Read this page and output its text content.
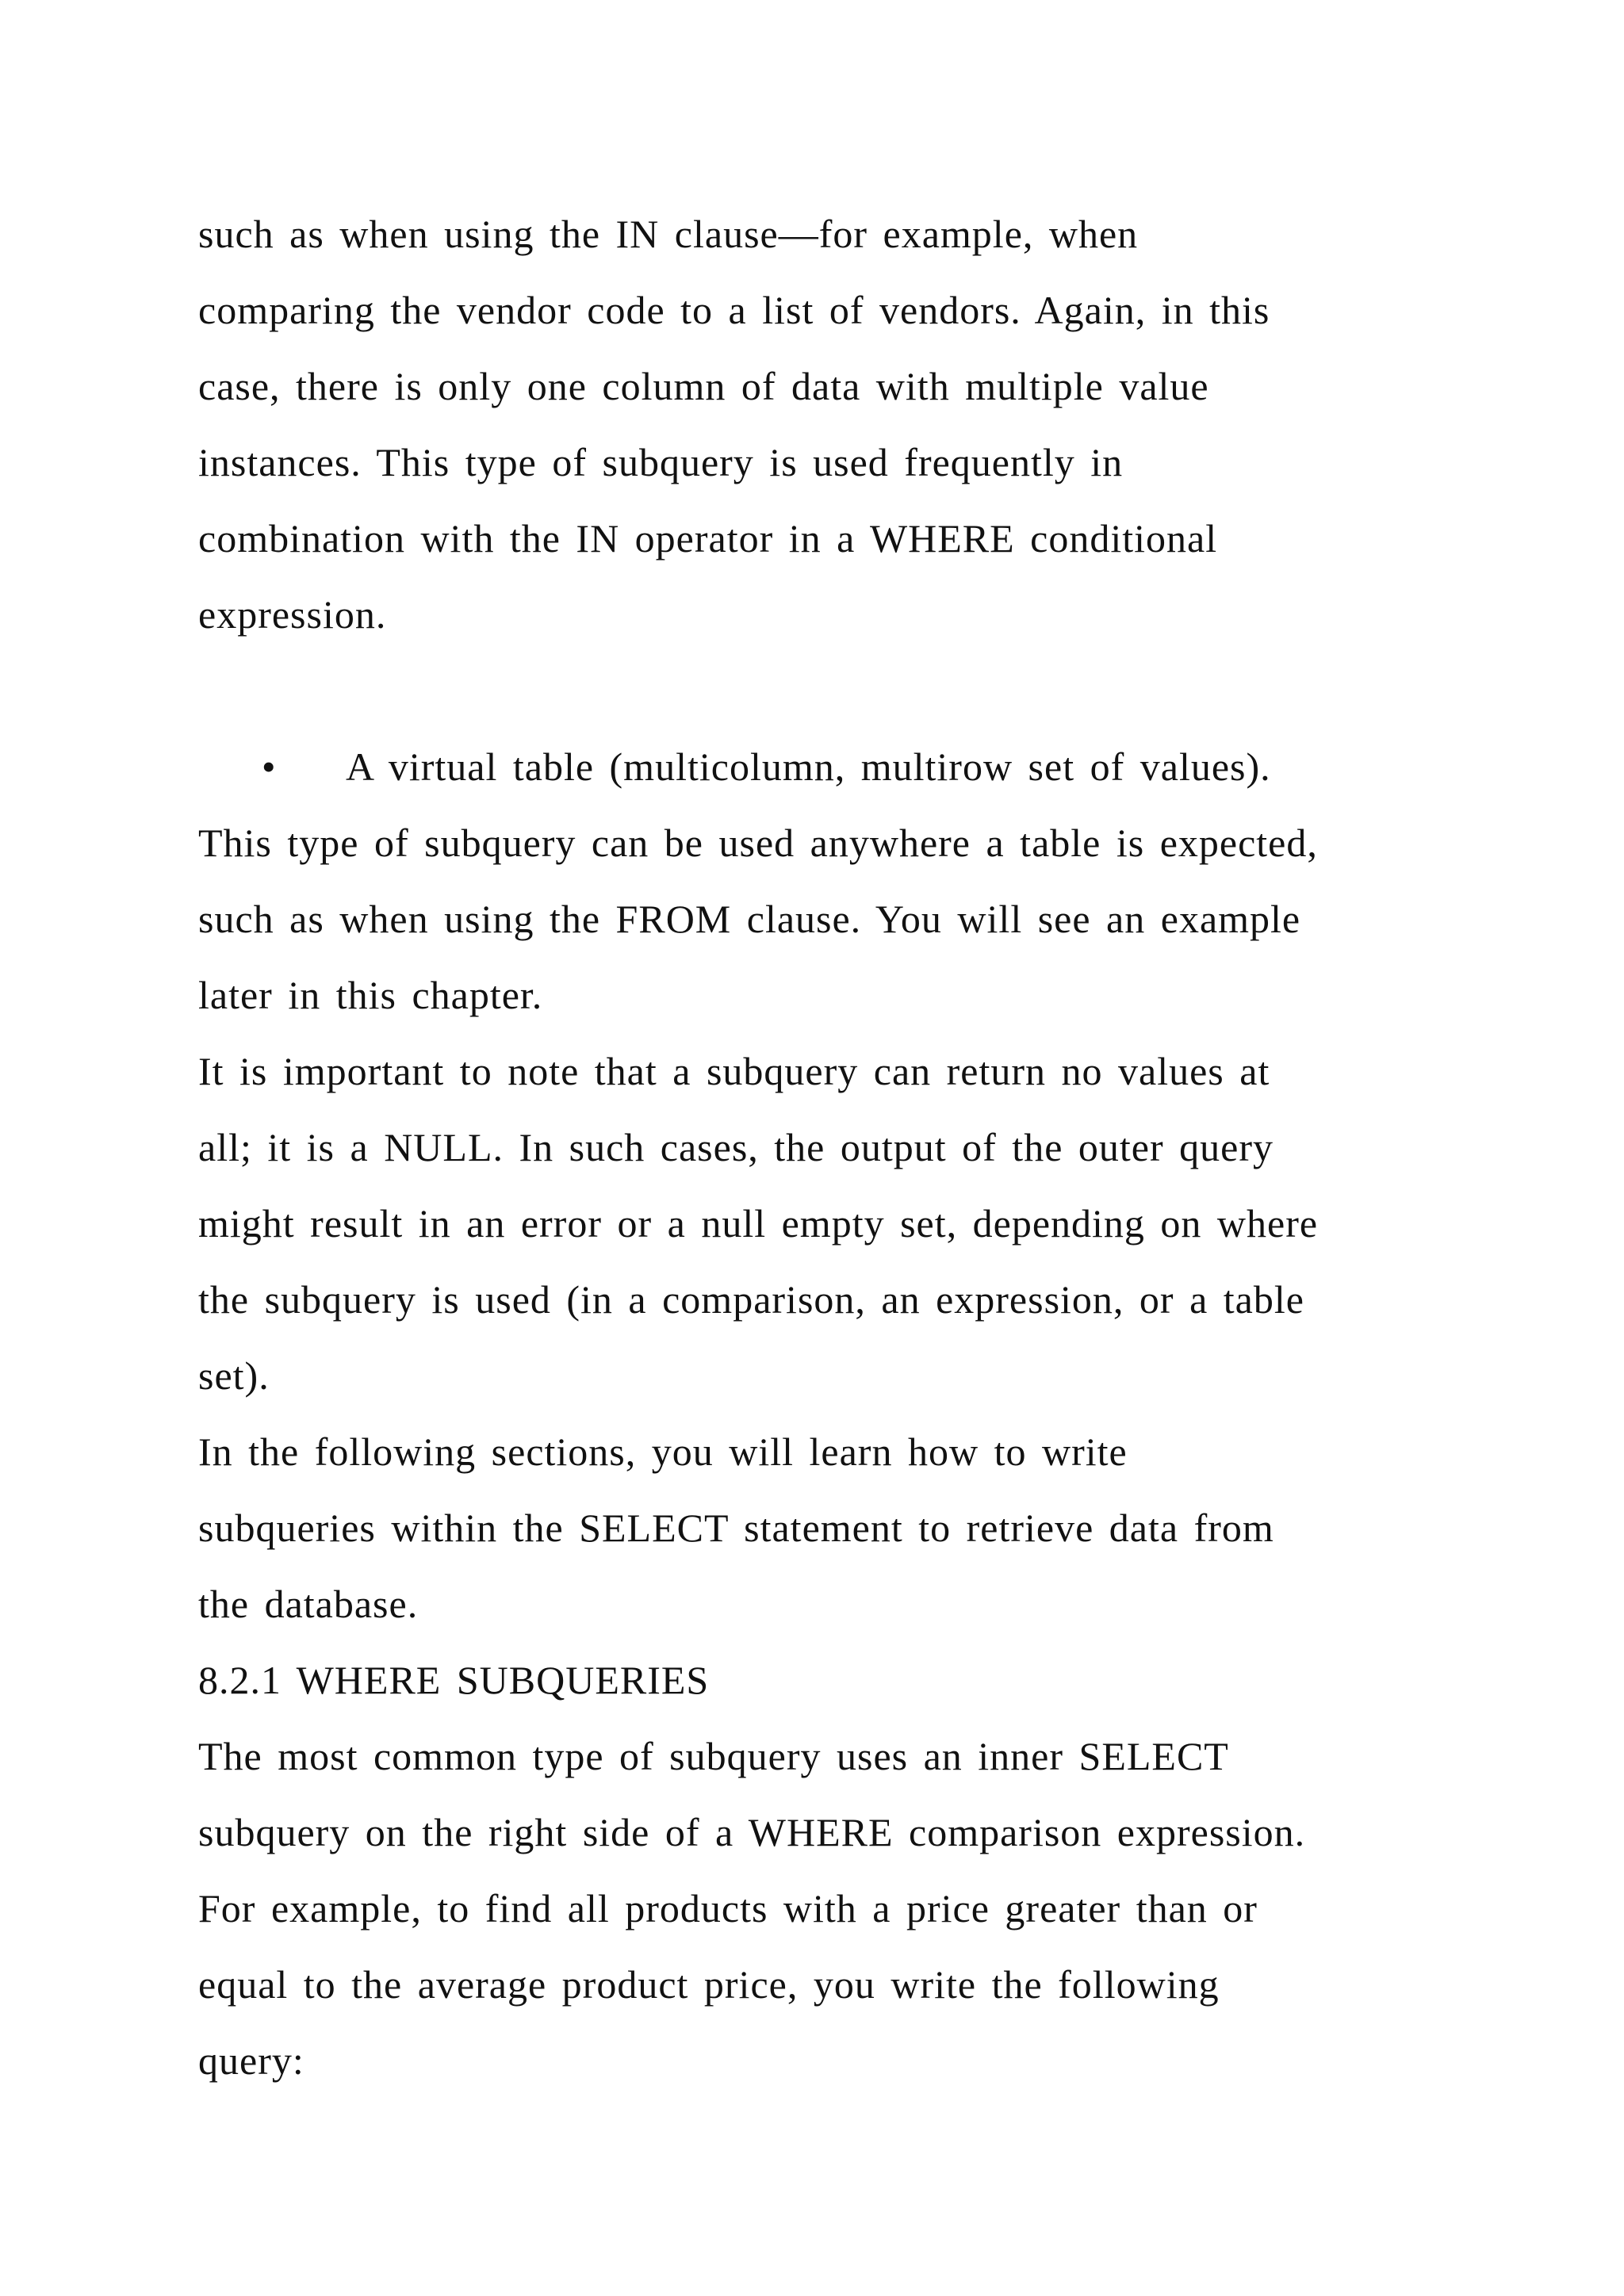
such as when using the IN clause—for example, when
comparing the vendor code to a list of vendors. Again, in this
case, there is only one column of data with multiple value
instances. This type of subquery is used frequently in
combination with the IN operator in a WHERE conditional
expression.
• A virtual table (multicolumn, multirow set of values).
This type of subquery can be used anywhere a table is expected,
such as when using the FROM clause. You will see an example
later in this chapter.
It is important to note that a subquery can return no values at
all; it is a NULL. In such cases, the output of the outer query
might result in an error or a null empty set, depending on where
the subquery is used (in a comparison, an expression, or a table
set).
In the following sections, you will learn how to write
subqueries within the SELECT statement to retrieve data from
the database.
8.2.1 WHERE SUBQUERIES
The most common type of subquery uses an inner SELECT
subquery on the right side of a WHERE comparison expression.
For example, to find all products with a price greater than or
equal to the average product price, you write the following
query:
